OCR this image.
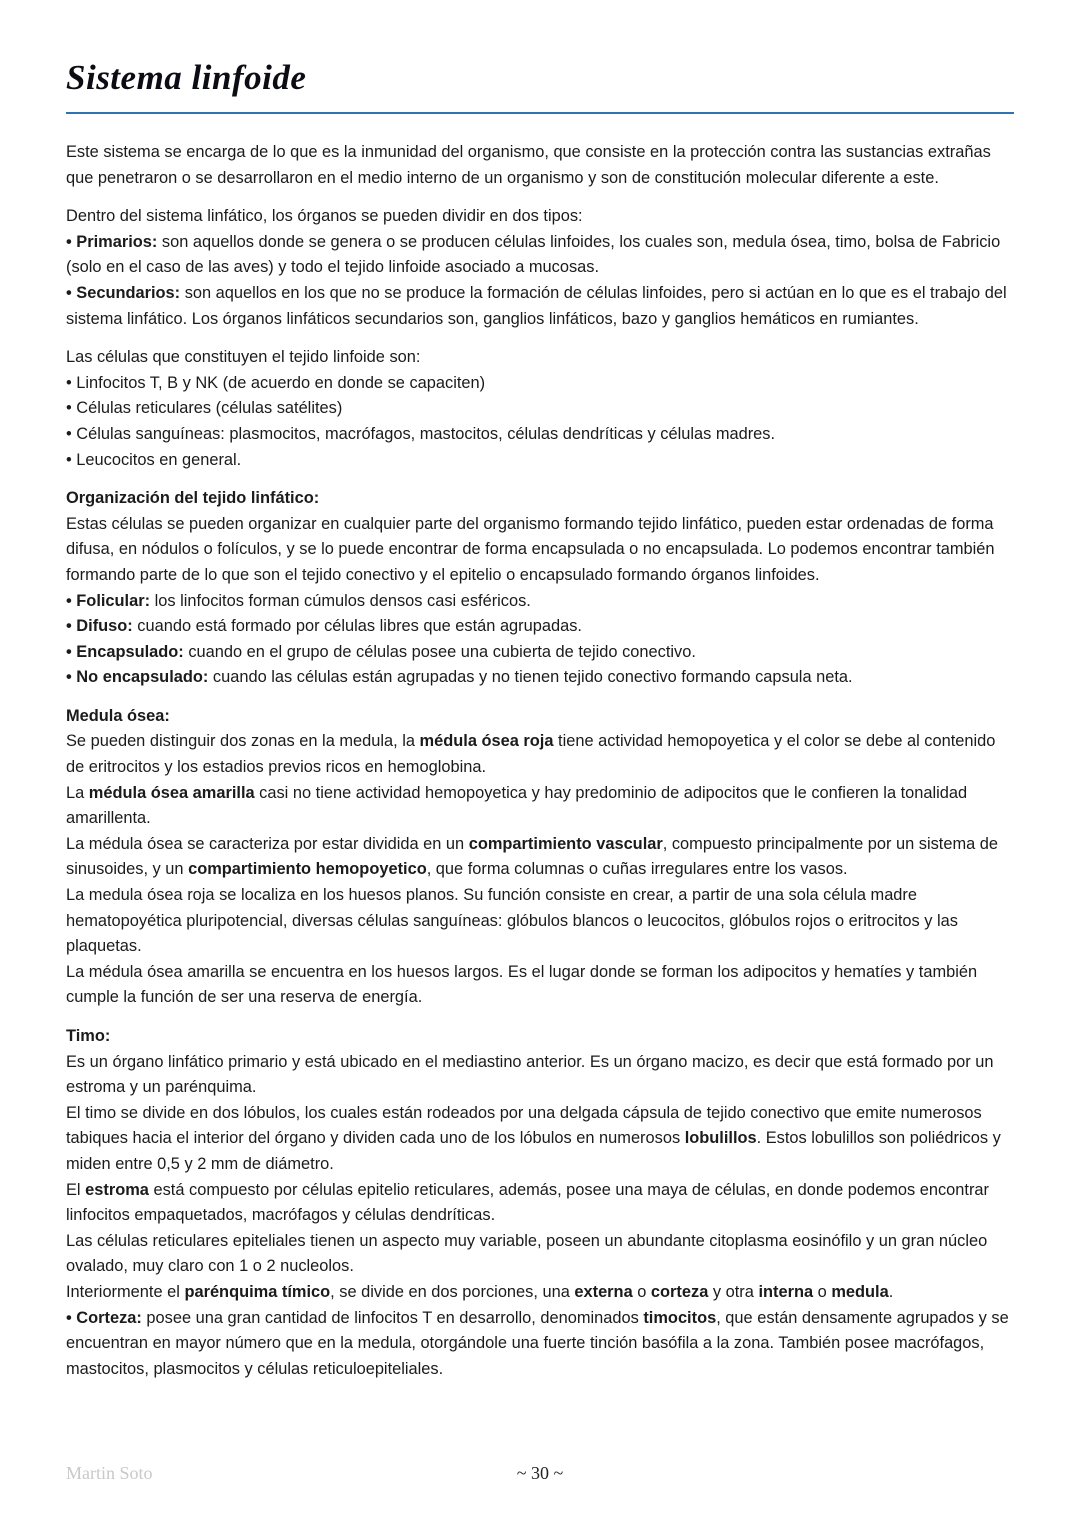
Sistema linfoide

Este sistema se encarga de lo que es la inmunidad del organismo, que consiste en la protección contra las sustancias extrañas que penetraron o se desarrollaron en el medio interno de un organismo y son de constitución molecular diferente a este.

Dentro del sistema linfático, los órganos se pueden dividir en dos tipos:

• Primarios: son aquellos donde se genera o se producen células linfoides, los cuales son, medula ósea, timo, bolsa de Fabricio (solo en el caso de las aves) y todo el tejido linfoide asociado a mucosas.

• Secundarios: son aquellos en los que no se produce la formación de células linfoides, pero si actúan en lo que es el trabajo del sistema linfático. Los órganos linfáticos secundarios son, ganglios linfáticos, bazo y ganglios hemáticos en rumiantes.

Las células que constituyen el tejido linfoide son:

• Linfocitos T, B y NK (de acuerdo en donde se capaciten)

• Células reticulares (células satélites)

• Células sanguíneas: plasmocitos, macrófagos, mastocitos, células dendríticas y células madres.

• Leucocitos en general.

Organización del tejido linfático:

Estas células se pueden organizar en cualquier parte del organismo formando tejido linfático, pueden estar ordenadas de forma difusa, en nódulos o folículos, y se lo puede encontrar de forma encapsulada o no encapsulada. Lo podemos encontrar también formando parte de lo que son el tejido conectivo y el epitelio o encapsulado formando órganos linfoides.

• Folicular: los linfocitos forman cúmulos densos casi esféricos.

• Difuso: cuando está formado por células libres que están agrupadas.

• Encapsulado: cuando en el grupo de células posee una cubierta de tejido conectivo.

• No encapsulado: cuando las células están agrupadas y no tienen tejido conectivo formando capsula neta.

Medula ósea:

Se pueden distinguir dos zonas en la medula, la médula ósea roja tiene actividad hemopoyetica y el color se debe al contenido de eritrocitos y los estadios previos ricos en hemoglobina.

La médula ósea amarilla casi no tiene actividad hemopoyetica y hay predominio de adipocitos que le confieren la tonalidad amarillenta.

La médula ósea se caracteriza por estar dividida en un compartimiento vascular, compuesto principalmente por un sistema de sinusoides, y un compartimiento hemopoyetico, que forma columnas o cuñas irregulares entre los vasos.

La medula ósea roja se localiza en los huesos planos. Su función consiste en crear, a partir de una sola célula madre hematopoyética pluripotencial, diversas células sanguíneas: glóbulos blancos o leucocitos, glóbulos rojos o eritrocitos y las plaquetas.

La médula ósea amarilla se encuentra en los huesos largos. Es el lugar donde se forman los adipocitos y hematíes y también cumple la función de ser una reserva de energía.

Timo:

Es un órgano linfático primario y está ubicado en el mediastino anterior. Es un órgano macizo, es decir que está formado por un estroma y un parénquima.

El timo se divide en dos lóbulos, los cuales están rodeados por una delgada cápsula de tejido conectivo que emite numerosos tabiques hacia el interior del órgano y dividen cada uno de los lóbulos en numerosos lobulillos. Estos lobulillos son poliédricos y miden entre 0,5 y 2 mm de diámetro.

El estroma está compuesto por células epitelio reticulares, además, posee una maya de células, en donde podemos encontrar linfocitos empaquetados, macrófagos y células dendríticas.

Las células reticulares epiteliales tienen un aspecto muy variable, poseen un abundante citoplasma eosinófilo y un gran núcleo ovalado, muy claro con 1 o 2 nucleolos.

Interiormente el parénquima tímico, se divide en dos porciones, una externa o corteza y otra interna o medula.

• Corteza: posee una gran cantidad de linfocitos T en desarrollo, denominados timocitos, que están densamente agrupados y se encuentran en mayor número que en la medula, otorgándole una fuerte tinción basófila a la zona. También posee macrófagos, mastocitos, plasmocitos y células reticuloepiteliales.

Martin Soto	~ 30 ~
